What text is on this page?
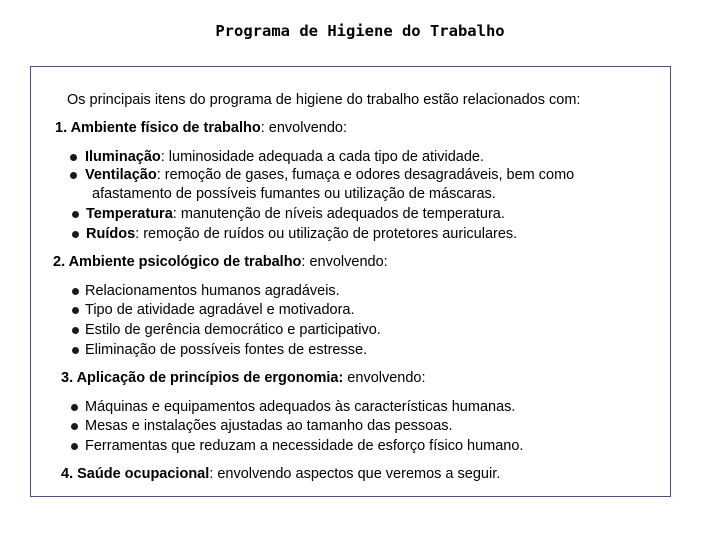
Programa de Higiene do Trabalho
Os principais itens do programa de higiene do trabalho estão relacionados com:
1. Ambiente físico de trabalho: envolvendo:
Iluminação: luminosidade adequada a cada tipo de atividade.
Ventilação: remoção de gases, fumaça e odores desagradáveis, bem como
afastamento de possíveis fumantes ou utilização de máscaras.
Temperatura: manutenção de níveis adequados de temperatura.
Ruídos: remoção de ruídos ou utilização de protetores auriculares.
2. Ambiente psicológico de trabalho: envolvendo:
Relacionamentos humanos agradáveis.
Tipo de atividade agradável e motivadora.
Estilo de gerência democrático e participativo.
Eliminação de possíveis fontes de estresse.
3. Aplicação de princípios de ergonomia: envolvendo:
Máquinas e equipamentos adequados às características humanas.
Mesas e instalações ajustadas ao tamanho das pessoas.
Ferramentas que reduzam a necessidade de esforço físico humano.
4. Saúde ocupacional: envolvendo aspectos que veremos a seguir.
